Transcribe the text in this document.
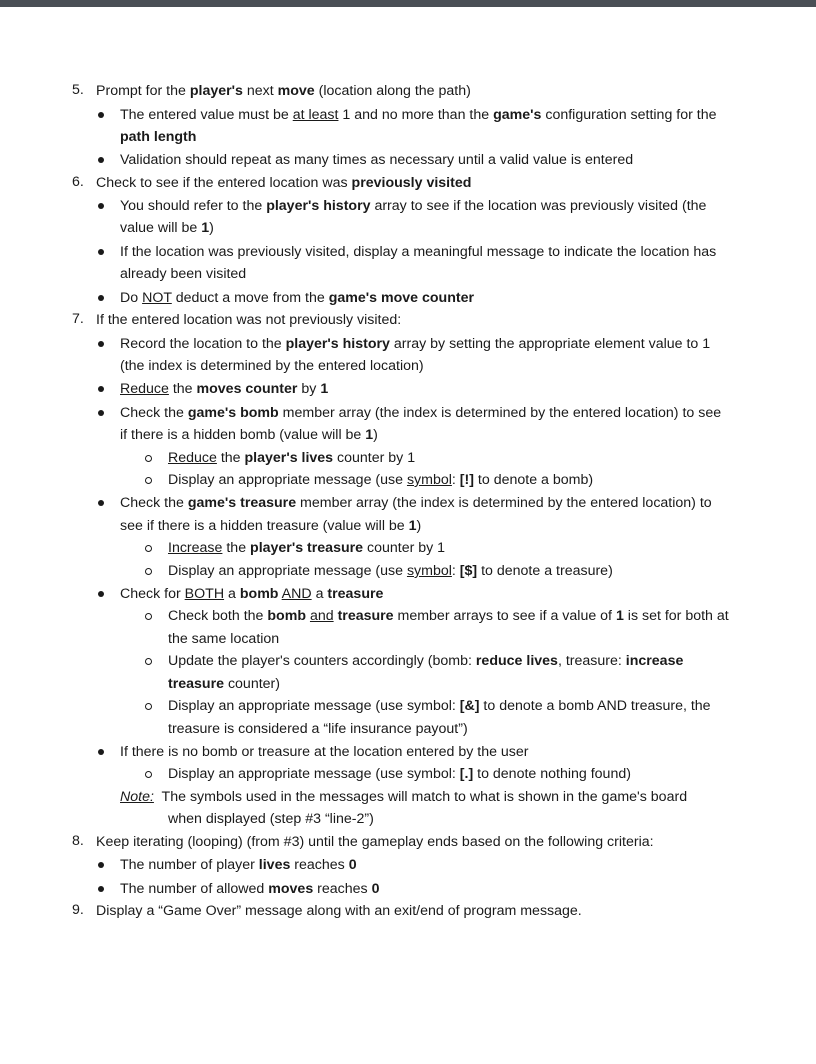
5. Prompt for the player's next move (location along the path)
The entered value must be at least 1 and no more than the game's configuration setting for the
path length
Validation should repeat as many times as necessary until a valid value is entered
6. Check to see if the entered location was previously visited
You should refer to the player's history array to see if the location was previously visited (the
value will be 1)
If the location was previously visited, display a meaningful message to indicate the location has
already been visited
Do NOT deduct a move from the game's move counter
7. If the entered location was not previously visited:
Record the location to the player's history array by setting the appropriate element value to 1
(the index is determined by the entered location)
Reduce the moves counter by 1
Check the game's bomb member array (the index is determined by the entered location) to see
if there is a hidden bomb (value will be 1)
Reduce the player's lives counter by 1
Display an appropriate message (use symbol: [!] to denote a bomb)
Check the game's treasure member array (the index is determined by the entered location) to
see if there is a hidden treasure (value will be 1)
Increase the player's treasure counter by 1
Display an appropriate message (use symbol: [$] to denote a treasure)
Check for BOTH a bomb AND a treasure
Check both the bomb and treasure member arrays to see if a value of 1 is set for both at
the same location
Update the player's counters accordingly (bomb: reduce lives, treasure: increase
treasure counter)
Display an appropriate message (use symbol: [&] to denote a bomb AND treasure, the
treasure is considered a “life insurance payout”)
If there is no bomb or treasure at the location entered by the user
Display an appropriate message (use symbol: [.] to denote nothing found)
Note:  The symbols used in the messages will match to what is shown in the game's board
when displayed (step #3 “line-2”)
8. Keep iterating (looping) (from #3) until the gameplay ends based on the following criteria:
The number of player lives reaches 0
The number of allowed moves reaches 0
9. Display a “Game Over” message along with an exit/end of program message.
